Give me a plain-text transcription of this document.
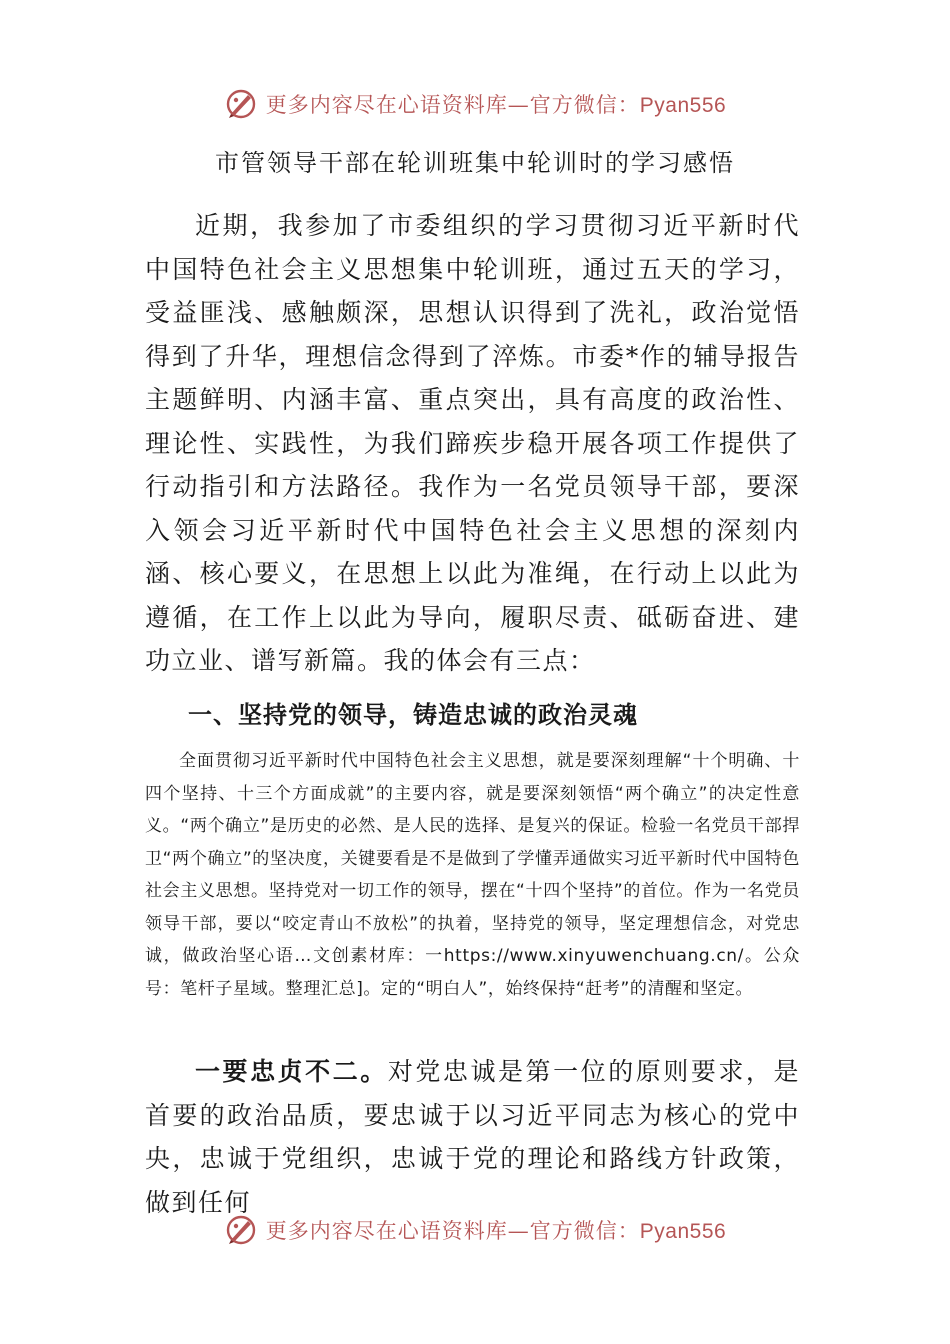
更多内容尽在心语资料库—官方微信：Pyan556
市管领导干部在轮训班集中轮训时的学习感悟

近期，我参加了市委组织的学习贯彻习近平新时代中国特色社会主义思想集中轮训班，通过五天的学习，受益匪浅、感触颇深，思想认识得到了洗礼，政治觉悟得到了升华，理想信念得到了淬炼。市委*作的辅导报告主题鲜明、内涵丰富、重点突出，具有高度的政治性、理论性、实践性，为我们蹄疾步稳开展各项工作提供了行动指引和方法路径。我作为一名党员领导干部，要深入领会习近平新时代中国特色社会主义思想的深刻内涵、核心要义，在思想上以此为准绳，在行动上以此为遵循，在工作上以此为导向，履职尽责、砥砺奋进、建功立业、谱写新篇。我的体会有三点：

一、坚持党的领导，铸造忠诚的政治灵魂

全面贯彻习近平新时代中国特色社会主义思想，就是要深刻理解“十个明确、十四个坚持、十三个方面成就”的主要内容，就是要深刻领悟“两个确立”的决定性意义。“两个确立”是历史的必然、是人民的选择、是复兴的保证。检验一名党员干部捍卫“两个确立”的坚决度，关键要看是不是做到了学懂弄通做实习近平新时代中国特色社会主义思想。坚持党对一切工作的领导，摆在“十四个坚持”的首位。作为一名党员领导干部，要以“咬定青山不放松”的执着，坚持党的领导，坚定理想信念，对党忠诚，做政治坚心语…文创素材库：一https://www.xinyuwenchuang.cn/。公众号：笔杆子星域。整理汇总]。定的“明白人”，始终保持“赶考”的清醒和坚定。

一要忠贞不二。对党忠诚是第一位的原则要求，是首要的政治品质，要忠诚于以习近平同志为核心的党中央，忠诚于党组织，忠诚于党的理论和路线方针政策，做到任何

更多内容尽在心语资料库—官方微信：Pyan556
